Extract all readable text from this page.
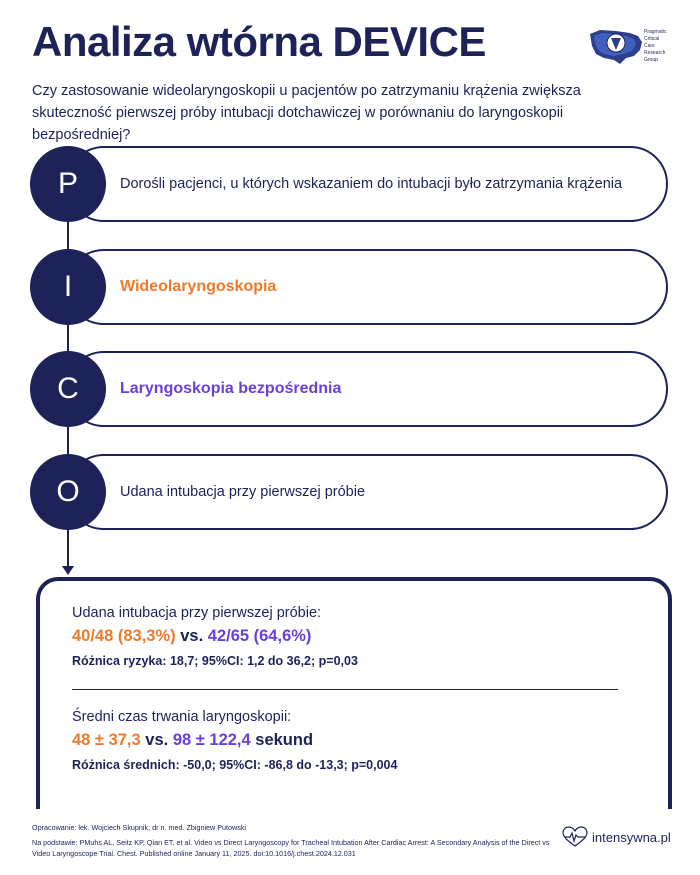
Analiza wtórna DEVICE	Pragmatic
Critical
Care
Research
Group

Czy zastosowanie wideolaryngoskopii u pacjentów po zatrzymaniu krążenia zwiększa skuteczność pierwszej próby intubacji dotchawiczej w porównaniu do laryngoskopii bezpośredniej?

P	Dorośli pacjenci, u których wskazaniem do intubacji było zatrzymania krążenia
I	Wideolaryngoskopia
C	Laryngoskopia bezpośrednia
O	Udana intubacja przy pierwszej próbie
Udana intubacja przy pierwszej próbie:
40/48 (83,3%) vs. 42/65 (64,6%)
Różnica ryzyka: 18,7; 95%CI: 1,2 do 36,2; p=0,03
Średni czas trwania laryngoskopii:
48 ± 37,3 vs. 98 ± 122,4 sekund
Różnica średnich: -50,0; 95%CI: -86,8 do -13,3; p=0,004
Opracowanie: lek. Wojciech Skupnik, dr n. med. Zbigniew Putowski
Na podstawie: PMuhs AL, Seitz KP, Qian ET, et al. Video vs Direct Laryngoscopy for Tracheal Intubation After Cardiac Arrest: A Secondary Analysis of the Direct vs Video Laryngoscope Trial. Chest. Published online January 11, 2025. doi:10.1016/j.chest.2024.12.031
intensywna.pl
